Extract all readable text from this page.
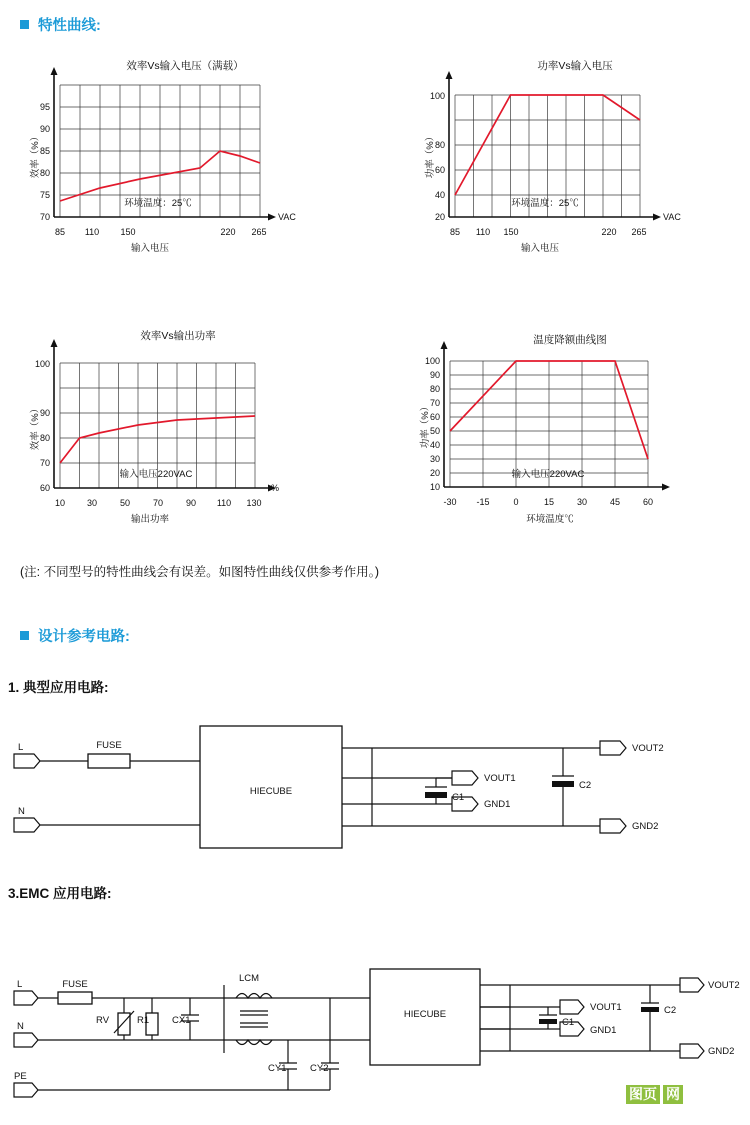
特性曲线:
效率Vs输入电压（满载）
70
75
80
85
90
95
环境温度：25℃
85 110 150	220 265
VAC
输入电压
效率（%）
功率Vs输入电压
20
40
60
80
100
环境温度：25℃
85 110 150	220 265
VAC
输入电压
功率（%）
效率Vs输出功率
60
70
80
90
100
输入电压220VAC
10 30	50	70	90 110 130
%
输出功率
效率（%）
温度降额曲线图
10
20
30
40
50
60
70
80
90
100
输入电压220VAC
-30 -15	0	15	30	45	60
环境温度℃
功率（%）
(注: 不同型号的特性曲线会有误差。如图特性曲线仅供参考作用。)
设计参考电路:
1. 典型应用电路:
L	FUSE
N
HIECUBE
C1
VOUT1
GND1
C2
VOUT2
GND2
3.EMC 应用电路:
L	FUSE
N
PE
RV	R1 CX1
LCM
CY1 CY2
HIECUBE
C1
VOUT1
GND1
C2
VOUT2
GND2
图页 网
